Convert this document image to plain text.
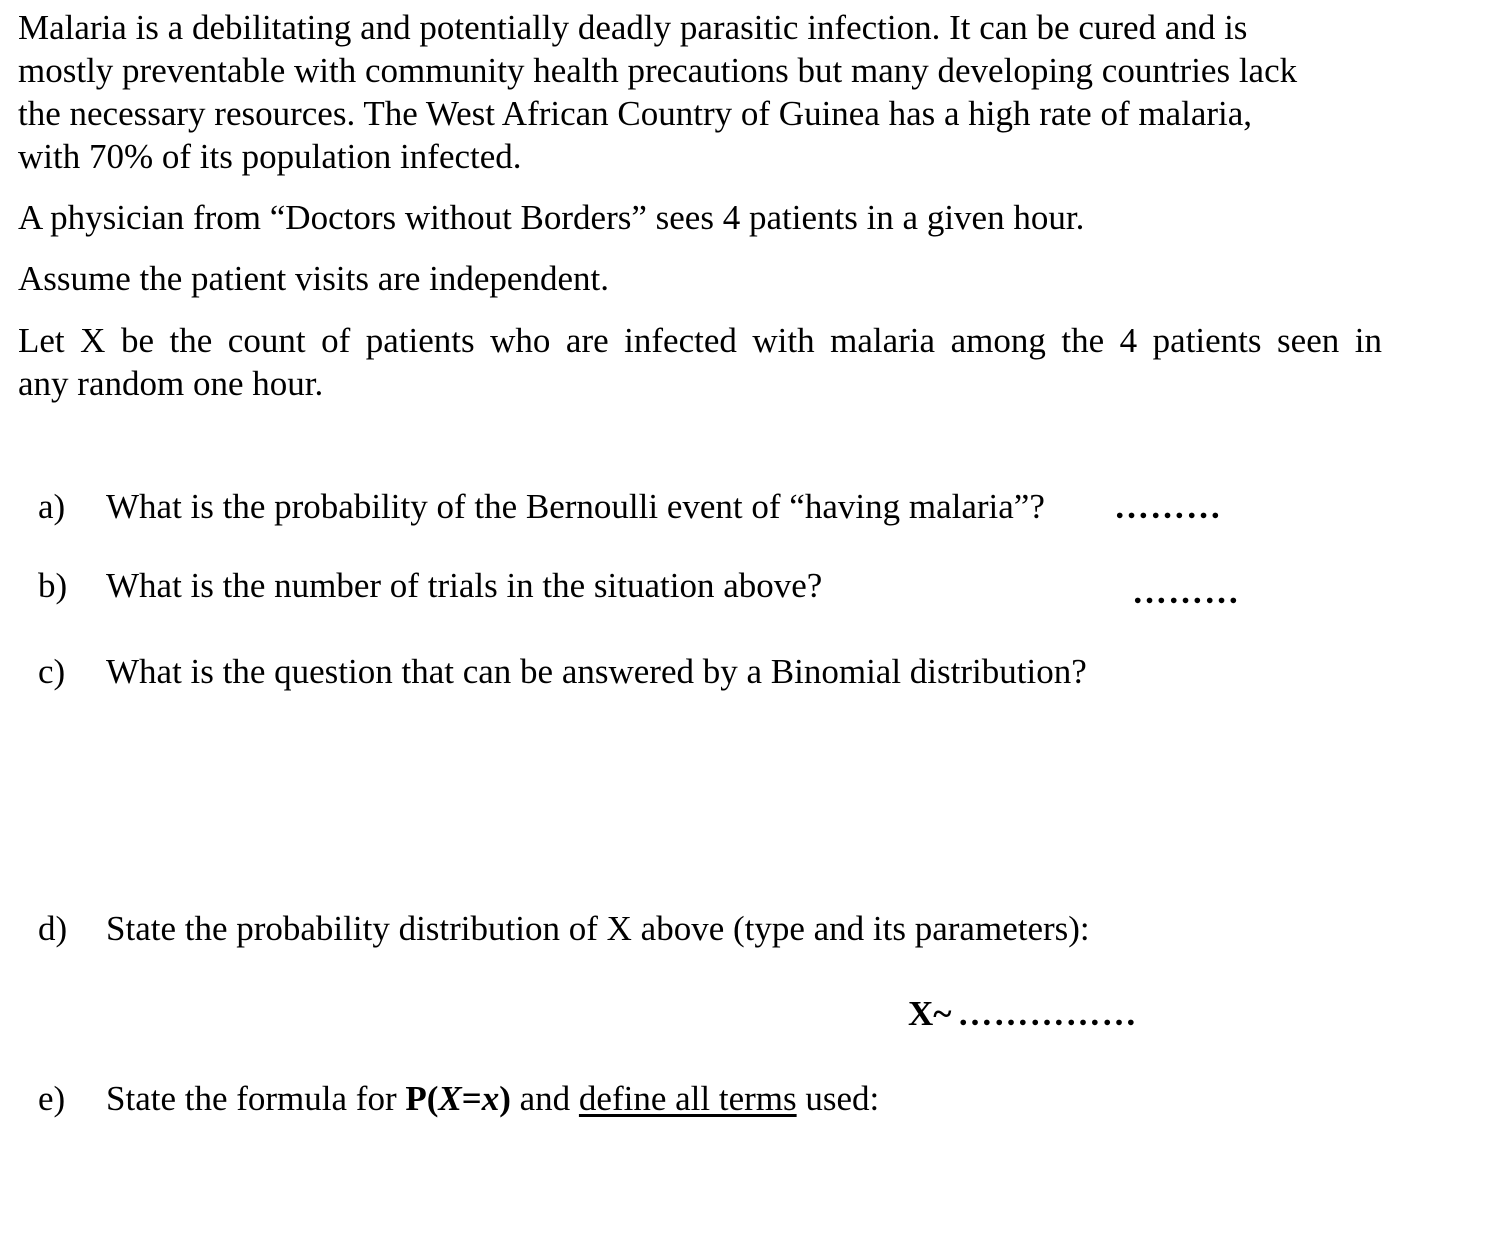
Malaria is a debilitating and potentially deadly parasitic infection. It can be cured and is
mostly preventable with community health precautions but many developing countries lack
the necessary resources. The West African Country of Guinea has a high rate of malaria,
with 70% of its population infected.
A physician from “Doctors without Borders” sees 4 patients in a given hour.
Assume the patient visits are independent.
Let X be the count of patients who are infected with malaria among the 4 patients seen in
any random one hour.
a) What is the probability of the Bernoulli event of “having malaria”? ………
b) What is the number of trials in the situation above?	………
c) What is the question that can be answered by a Binomial distribution?
d) State the probability distribution of X above (type and its parameters):
X~ ……………
e) State the formula for P(X=x) and define all terms used:
